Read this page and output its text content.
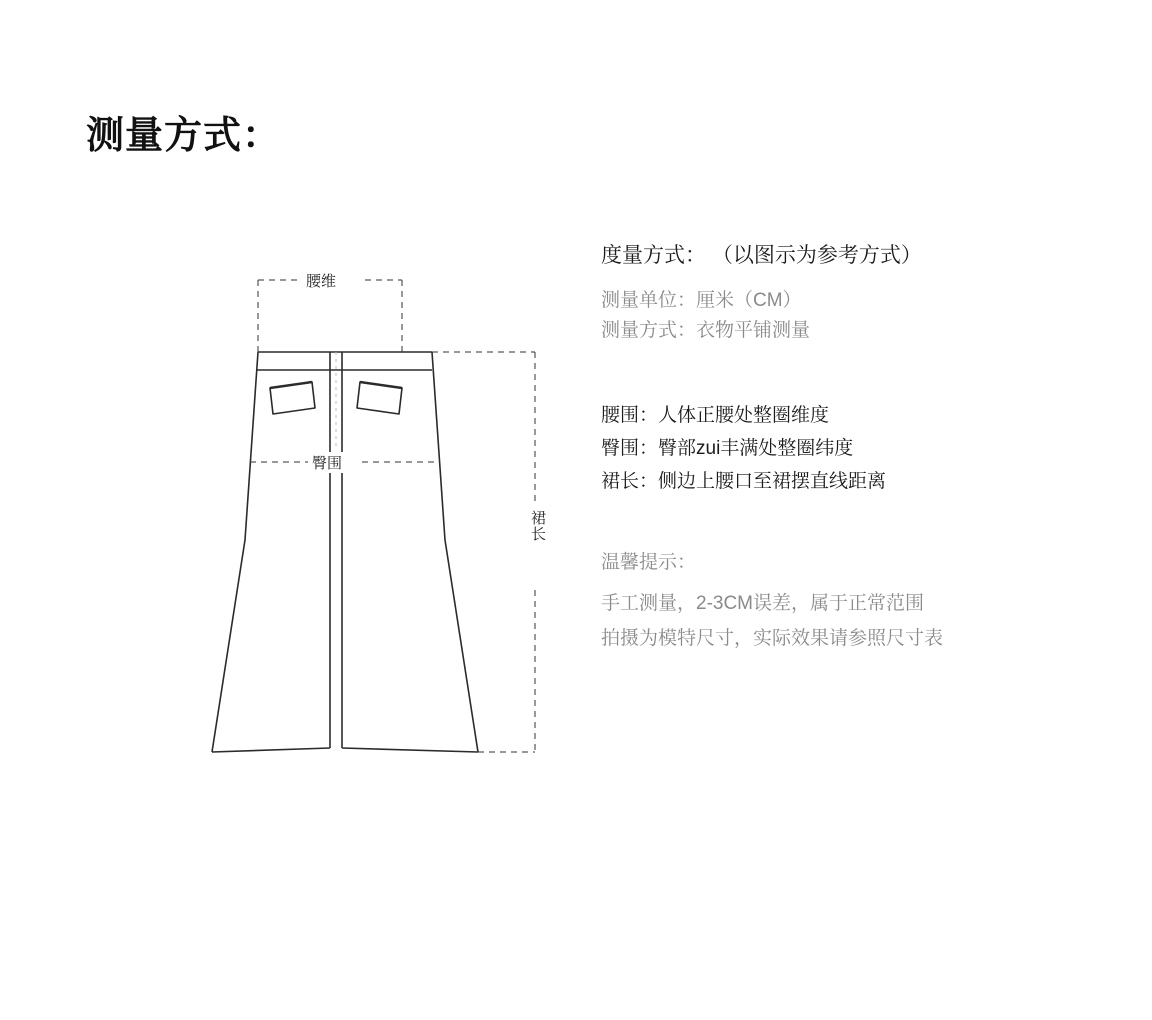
测量方式：
腰维
臀围
裙长
度量方式： （以图示为参考方式）
测量单位：厘米（CM）
测量方式：衣物平铺测量
腰围：人体正腰处整圈维度
臀围：臀部zui丰满处整圈纬度
裙长：侧边上腰口至裙摆直线距离
温馨提示：
手工测量，2-3CM误差，属于正常范围
拍摄为模特尺寸，实际效果请参照尺寸表
